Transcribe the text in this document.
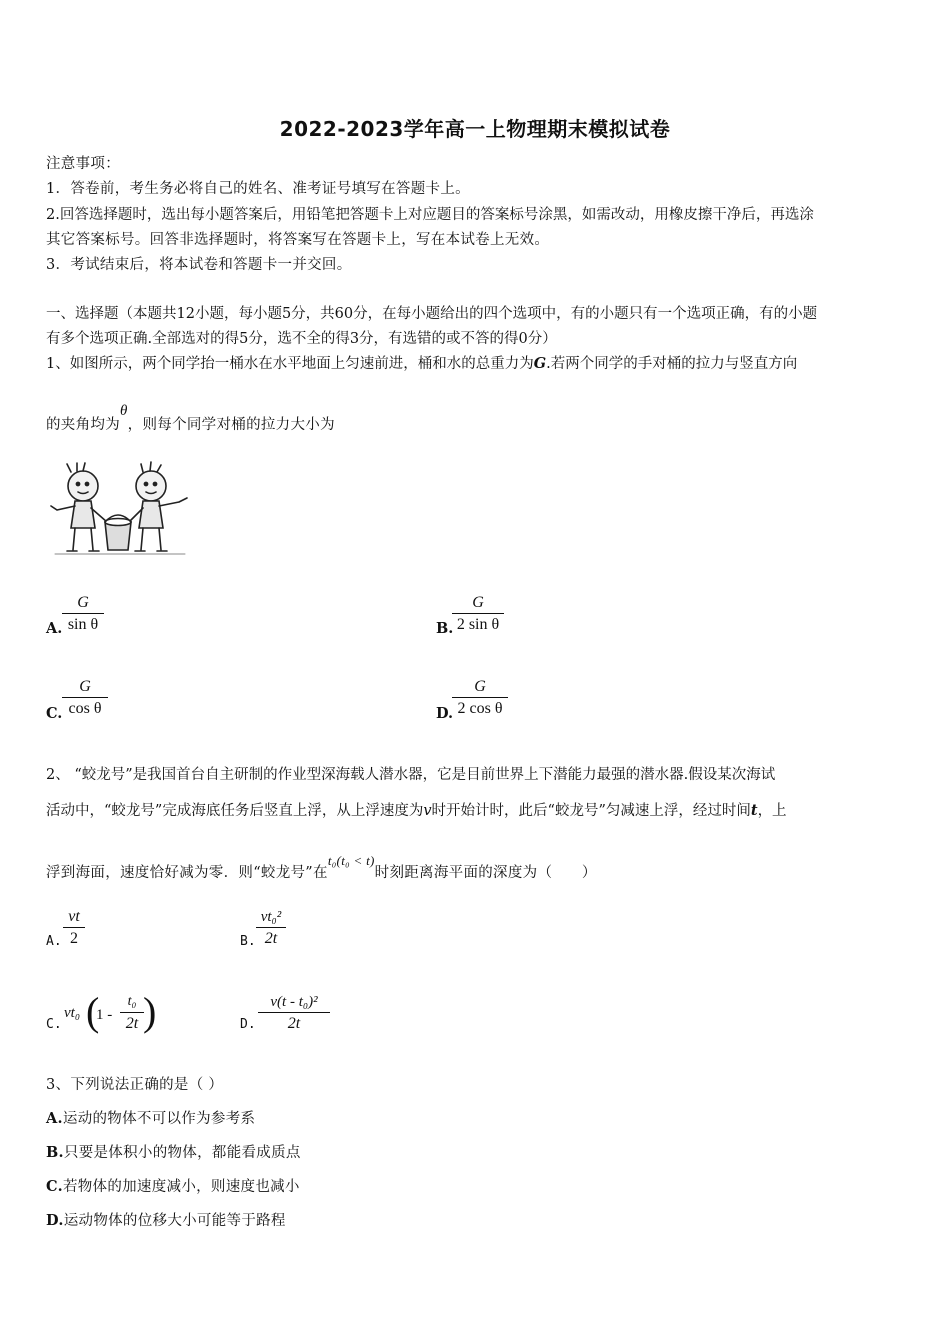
2022-2023学年高一上物理期末模拟试卷
注意事项：
1．答卷前，考生务必将自己的姓名、准考证号填写在答题卡上。
2.回答选择题时，选出每小题答案后，用铅笔把答题卡上对应题目的答案标号涂黑，如需改动，用橡皮擦干净后，再选涂
其它答案标号。回答非选择题时，将答案写在答题卡上，写在本试卷上无效。
3．考试结束后，将本试卷和答题卡一并交回。
一、选择题（本题共12小题，每小题5分，共60分，在每小题给出的四个选项中，有的小题只有一个选项正确，有的小题
有多个选项正确.全部选对的得5分，选不全的得3分，有选错的或不答的得0分）
1、如图所示，两个同学抬一桶水在水平地面上匀速前进，桶和水的总重力为G.若两个同学的手对桶的拉力与竖直方向
的夹角均为θ，则每个同学对桶的拉力大小为
A.
G
sin θ	B.
G
2 sin θ
C.
G
cos θ	D.
G
2 cos θ
2、 “蛟龙号”是我国首台自主研制的作业型深海载人潜水器，它是目前世界上下潜能力最强的潜水器.假设某次海试
活动中，“蛟龙号”完成海底任务后竖直上浮，从上浮速度为v时开始计时，此后“蛟龙号”匀减速上浮，经过时间t，上
浮到海面，速度恰好减为零．则“蛟龙号”在t₀(t₀ < t)时刻距离海平面的深度为（　　）
A.
vt
2	B.
vt₀²
2t
C.
vt₀ (
1 -
t₀
2t )	D.
v(t - t₀)²
2t
3、下列说法正确的是（ ）
A.运动的物体不可以作为参考系
B.只要是体积小的物体，都能看成质点
C.若物体的加速度减小，则速度也减小
D.运动物体的位移大小可能等于路程
